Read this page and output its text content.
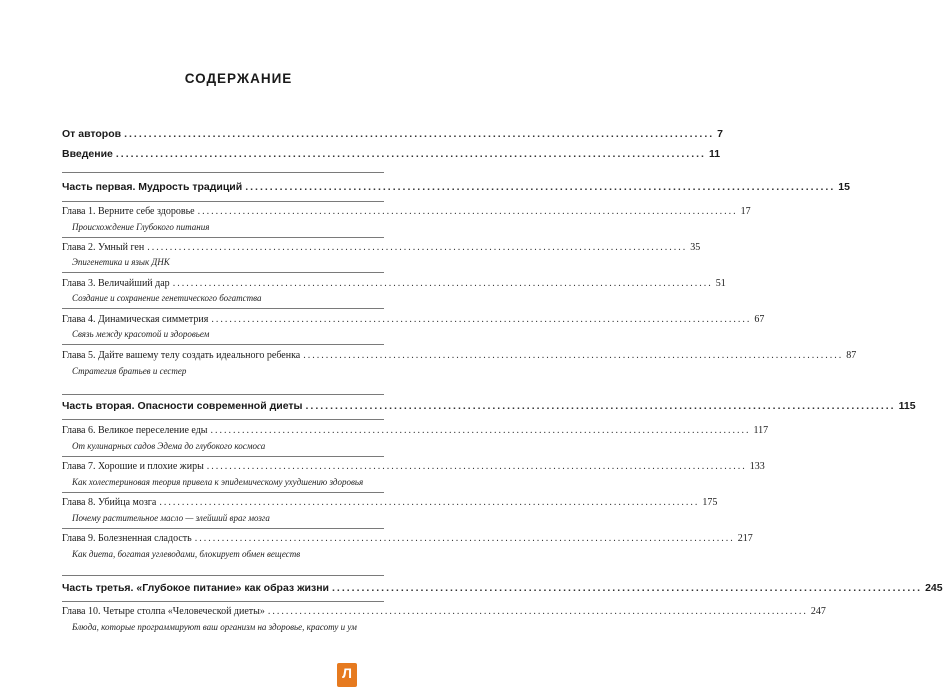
СОДЕРЖАНИЕ
От авторов ........................................................................................................................ 7
Введение ........................................................................................................................ 11
Часть первая. Мудрость традиций ........................................................................................................................ 15
Глава 1. Верните себе здоровье ........................................................................................................................ 17
Происхождение Глубокого питания
Глава 2. Умный ген ........................................................................................................................ 35
Эпигенетика и язык ДНК
Глава 3. Величайший дар ........................................................................................................................ 51
Создание и сохранение генетического богатства
Глава 4. Динамическая симметрия ........................................................................................................................ 67
Связь между красотой и здоровьем
Глава 5. Дайте вашему телу создать идеального ребенка ........................................................................................................................ 87
Стратегия братьев и сестер
Часть вторая. Опасности современной диеты ........................................................................................................................ 115
Глава 6. Великое переселение еды ........................................................................................................................ 117
От кулинарных садов Эдема до глубокого космоса
Глава 7. Хорошие и плохие жиры ........................................................................................................................ 133
Как холестериновая теория привела к эпидемическому ухудшению здоровья
Глава 8. Убийца мозга ........................................................................................................................ 175
Почему растительное масло — злейший враг мозга
Глава 9. Болезненная сладость ........................................................................................................................ 217
Как диета, богатая углеводами, блокирует обмен веществ
Часть третья. «Глубокое питание» как образ жизни ........................................................................................................................ 245
Глава 10. Четыре столпа «Человеческой диеты» ........................................................................................................................ 247
Блюда, которые программируют ваш организм на здоровье, красоту и ум
Л
